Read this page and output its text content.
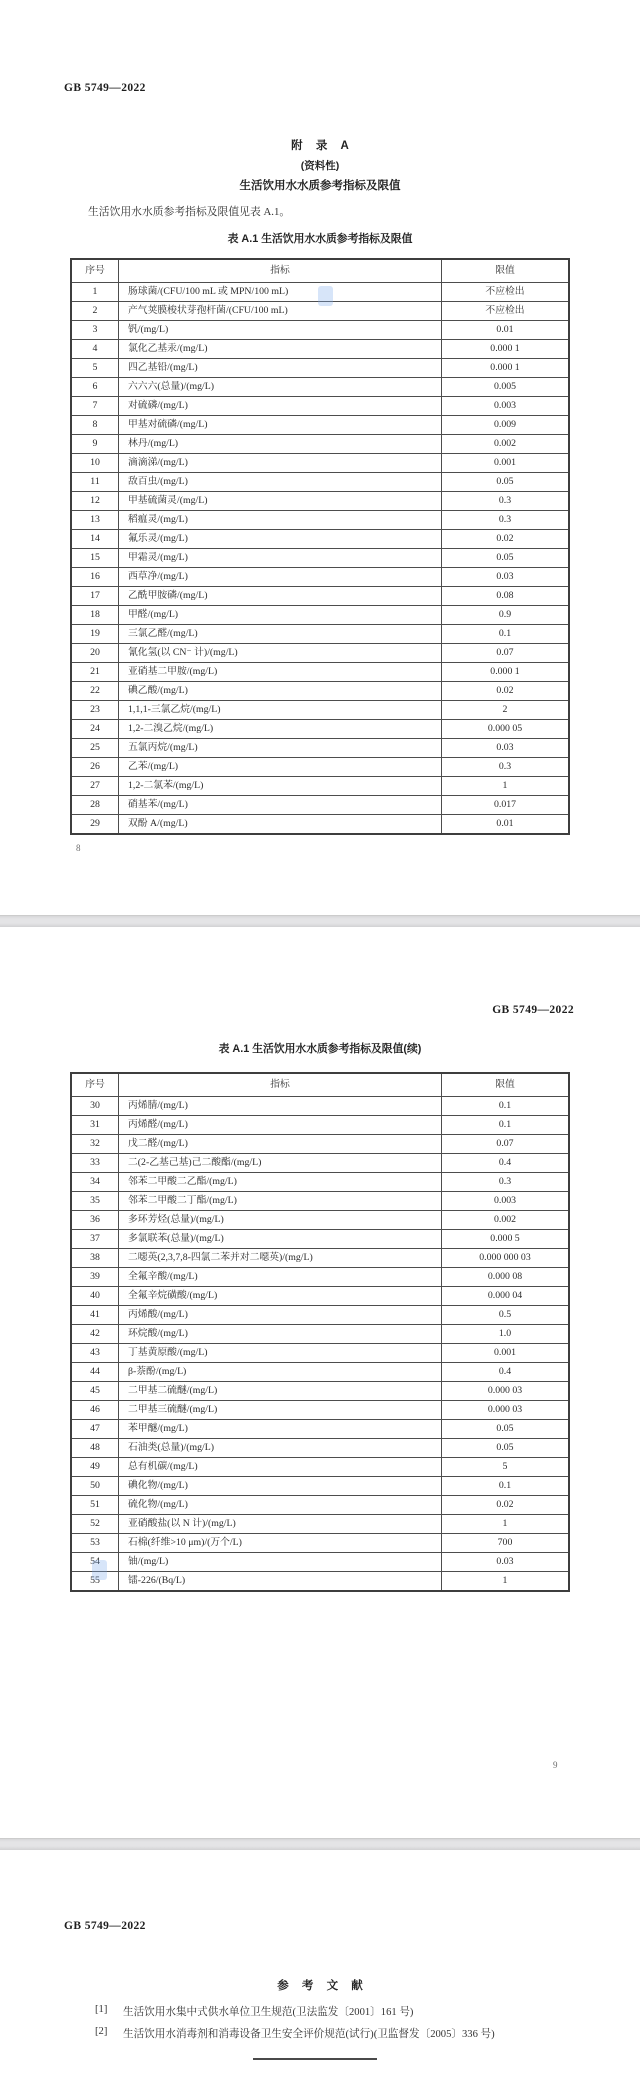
GB 5749—2022
附 录 A
(资料性)
生活饮用水水质参考指标及限值
生活饮用水水质参考指标及限值见表 A.1。
表 A.1 生活饮用水水质参考指标及限值
序号	指标	限值
1	肠球菌/(CFU/100 mL 或 MPN/100 mL)	不应检出
2	产气荚膜梭状芽孢杆菌/(CFU/100 mL)	不应检出
3	钒/(mg/L)	0.01
4	氯化乙基汞/(mg/L)	0.000 1
5	四乙基铅/(mg/L)	0.000 1
6	六六六(总量)/(mg/L)	0.005
7	对硫磷/(mg/L)	0.003
8	甲基对硫磷/(mg/L)	0.009
9	林丹/(mg/L)	0.002
10	滴滴涕/(mg/L)	0.001
11	敌百虫/(mg/L)	0.05
12	甲基硫菌灵/(mg/L)	0.3
13	稻瘟灵/(mg/L)	0.3
14	氟乐灵/(mg/L)	0.02
15	甲霜灵/(mg/L)	0.05
16	西草净/(mg/L)	0.03
17	乙酰甲胺磷/(mg/L)	0.08
18	甲醛/(mg/L)	0.9
19	三氯乙醛/(mg/L)	0.1
20	氰化氢(以 CN⁻ 计)/(mg/L)	0.07
21	亚硝基二甲胺/(mg/L)	0.000 1
22	碘乙酸/(mg/L)	0.02
23	1,1,1-三氯乙烷/(mg/L)	2
24	1,2-二溴乙烷/(mg/L)	0.000 05
25	五氯丙烷/(mg/L)	0.03
26	乙苯/(mg/L)	0.3
27	1,2-二氯苯/(mg/L)	1
28	硝基苯/(mg/L)	0.017
29	双酚 A/(mg/L)	0.01
8
GB 5749—2022
表 A.1 生活饮用水水质参考指标及限值(续)
序号	指标	限值
30	丙烯腈/(mg/L)	0.1
31	丙烯醛/(mg/L)	0.1
32	戊二醛/(mg/L)	0.07
33	二(2-乙基己基)己二酸酯/(mg/L)	0.4
34	邻苯二甲酸二乙酯/(mg/L)	0.3
35	邻苯二甲酸二丁酯/(mg/L)	0.003
36	多环芳烃(总量)/(mg/L)	0.002
37	多氯联苯(总量)/(mg/L)	0.000 5
38	二噁英(2,3,7,8-四氯二苯并对二噁英)/(mg/L)	0.000 000 03
39	全氟辛酸/(mg/L)	0.000 08
40	全氟辛烷磺酸/(mg/L)	0.000 04
41	丙烯酸/(mg/L)	0.5
42	环烷酸/(mg/L)	1.0
43	丁基黄原酸/(mg/L)	0.001
44	β-萘酚/(mg/L)	0.4
45	二甲基二硫醚/(mg/L)	0.000 03
46	二甲基三硫醚/(mg/L)	0.000 03
47	苯甲醚/(mg/L)	0.05
48	石油类(总量)/(mg/L)	0.05
49	总有机碳/(mg/L)	5
50	碘化物/(mg/L)	0.1
51	硫化物/(mg/L)	0.02
52	亚硝酸盐(以 N 计)/(mg/L)	1
53	石棉(纤维>10 μm)/(万个/L)	700
54	铀/(mg/L)	0.03
55	镭-226/(Bq/L)	1
9
GB 5749—2022
参 考 文 献
[1]	生活饮用水集中式供水单位卫生规范(卫法监发〔2001〕161 号)
[2]	生活饮用水消毒剂和消毒设备卫生安全评价规范(试行)(卫监督发〔2005〕336 号)
